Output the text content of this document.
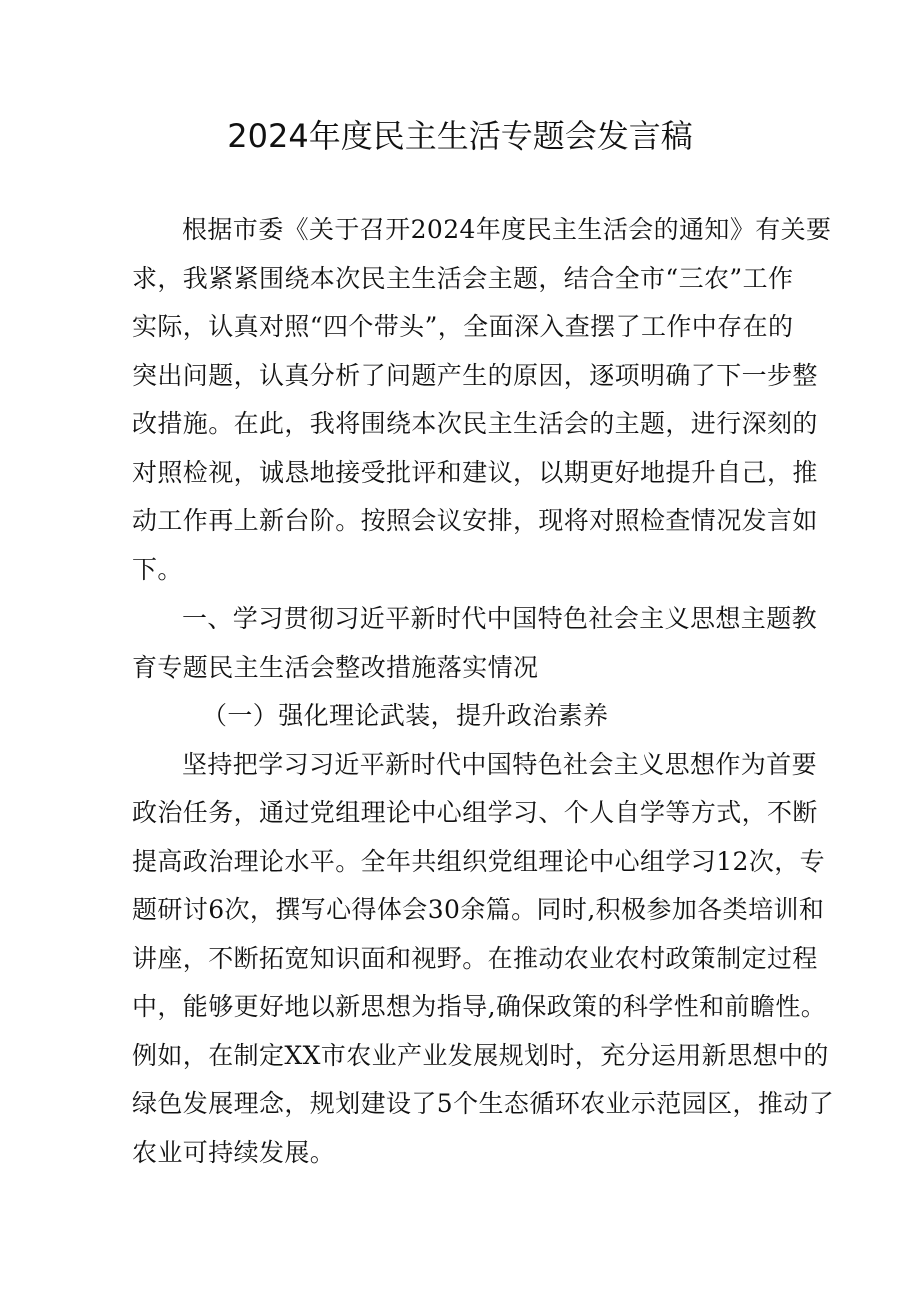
2024年度民主生活专题会发言稿

根据市委《关于召开2024年度民主生活会的通知》有关要
求，我紧紧围绕本次民主生活会主题，结合全市“三农”工作
实际，认真对照“四个带头”，全面深入查摆了工作中存在的
突出问题，认真分析了问题产生的原因，逐项明确了下一步整
改措施。在此，我将围绕本次民主生活会的主题，进行深刻的
对照检视，诚恳地接受批评和建议，以期更好地提升自己，推
动工作再上新台阶。按照会议安排，现将对照检查情况发言如
下。

一、学习贯彻习近平新时代中国特色社会主义思想主题教
育专题民主生活会整改措施落实情况

（一）强化理论武装，提升政治素养

坚持把学习习近平新时代中国特色社会主义思想作为首要
政治任务，通过党组理论中心组学习、个人自学等方式，不断
提高政治理论水平。全年共组织党组理论中心组学习12次，专
题研讨6次，撰写心得体会30余篇。同时,积极参加各类培训和
讲座，不断拓宽知识面和视野。在推动农业农村政策制定过程
中，能够更好地以新思想为指导,确保政策的科学性和前瞻性。
例如，在制定XX市农业产业发展规划时，充分运用新思想中的
绿色发展理念，规划建设了5个生态循环农业示范园区，推动了
农业可持续发展。
